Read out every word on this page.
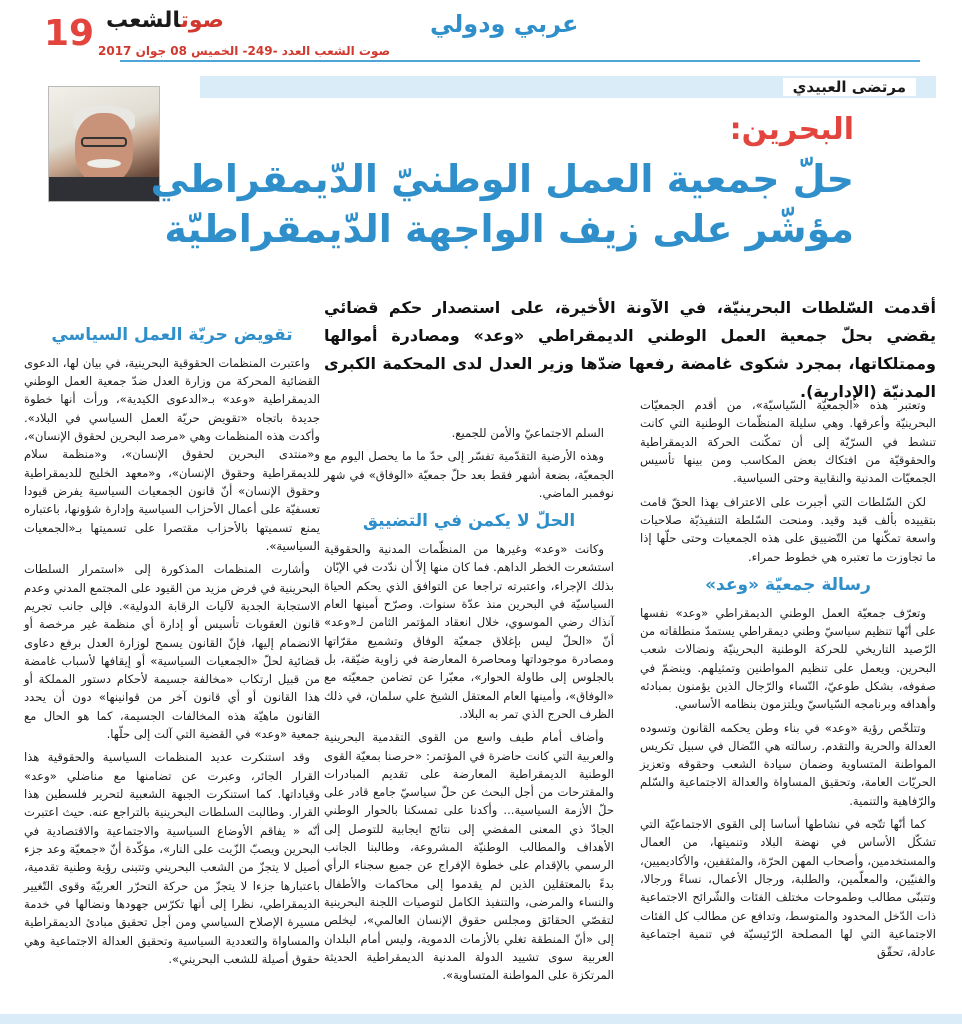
19	صوتالشعب
صوت الشعب العدد -249- الخميس 08 جوان 2017
عربي ودولي
مرتضى العبيدي
البحرين:
حلّ جمعية العمل الوطنيّ الدّيمقراطي
مؤشّر على زيف الواجهة الدّيمقراطيّة
أقدمت السّلطات البحرينيّة، في الآونة الأخيرة، على استصدار حكم قضائي يقضي بحلّ جمعية العمل الوطني الديمقراطي «وعد» ومصادرة أموالها وممتلكاتها، بمجرد شكوى غامضة رفعها ضدّها وزير العدل لدى المحكمة الكبرى المدنيّة (الإدارية).

وتعتبر هذه «الجمعيّة السّياسيّة»، من أقدم الجمعيّات البحرينيّة وأعرقها. وهي سليلة المنظّمات الوطنية التي كانت تنشط في السرّيّة إلى أن تمكّنت الحركة الديمقراطية والحقوقيّة من افتكاك بعض المكاسب ومن بينها تأسيس الجمعيّات المدنية والنقابية وحتى السياسية.

لكن السّلطات التي أجبرت على الاعتراف بهذا الحقّ قامت بتقييده بألف قيد وقيد. ومنحت السّلطة التنفيذيّة صلاحيات واسعة تمكّنها من التّضييق على هذه الجمعيات وحتى حلّها إذا ما تجاوزت ما تعتبره هي خطوط حمراء.

رسالة جمعيّة «وعد»

وتعرّف جمعيّة العمل الوطني الديمقراطي «وعد» نفسها على أنّها تنظيم سياسيّ وطني ديمقراطي يستمدّ منطلقاته من الرّصيد التاريخي للحركة الوطنية البحرينيّة ونضالات شعب البحرين. ويعمل على تنظيم المواطنين وتمثيلهم. وينضمّ في صفوفه، بشكل طوعيّ، النّساء والرّجال الذين يؤمنون بمبادئه وأهدافه وبرنامجه السّياسيّ ويلتزمون بنظامه الأساسي.

وتتلخّص رؤية «وعد» في بناء وطن يحكمه القانون وتسوده العدالة والحرية والتقدم. رسالته هي النّضال في سبيل تكريس المواطنة المتساوية وضمان سيادة الشعب وحقوقه وتعزيز الحريّات العامة، وتحقيق المساواة والعدالة الاجتماعية والسّلم والرّفاهية والتنمية.

كما أنّها تتّجه في نشاطها أساسا إلى القوى الاجتماعيّة التي تشكّل الأساس في نهضة البلاد وتنميتها، من العمال والمستخدمين، وأصحاب المهن الحرّة، والمثقفين، والأكاديميين، والفنيّين، والمعلّمين، والطلبة، ورجال الأعمال، نساءً ورجالا، وتتبنّى مطالب وطموحات مختلف الفئات والشّرائح الاجتماعية ذات الدّخل المحدود والمتوسط، وتدافع عن مطالب كل الفئات الاجتماعية التي لها المصلحة الرّئيسيّة في تنمية اجتماعية عادلة، تحقّق

السلم الاجتماعيّ والأمن للجميع.

وهذه الأرضية التقدّمية تفسّر إلى حدّ ما ما يحصل اليوم مع الجمعيّة، بضعة أشهر فقط بعد حلّ جمعيّة «الوفاق» في شهر نوفمبر الماضي.

الحلّ لا يكمن في التضييق

وكانت «وعد» وغيرها من المنظّمات المدنية والحقوقية استشعرت الخطر الداهم. فما كان منها إلاّ أن ندّدت في الإبّان بذلك الإجراء، واعتبرته تراجعا عن التوافق الذي يحكم الحياة السياسيّة في البحرين منذ عدّة سنوات. وصرّح أمينها العام آنذاك رضي الموسوي، خلال انعقاد المؤتمر الثامن لـ«وعد» أنّ «الحلّ ليس بإغلاق جمعيّة الوفاق وتشميع مقرّاتها ومصادرة موجوداتها ومحاصرة المعارضة في زاوية ضيّقة، بل بالجلوس إلى طاولة الحوار»، معبّرا عن تضامن جمعيّته مع «الوفاق»، وأمينها العام المعتقل الشيخ علي سلمان، في ذلك الظرف الحرج الذي تمر به البلاد.

وأضاف أمام طيف واسع من القوى التقدمية البحرينية والعربية التي كانت حاضرة في المؤتمر: «حرصنا بمعيّة القوى الوطنية الديمقراطية المعارضة على تقديم المبادرات والمقترحات من أجل البحث عن حلّ سياسيّ جامع قادر على حلّ الأزمة السياسية... وأكدنا على تمسكنا بالحوار الوطني الجادّ ذي المعنى المفضي إلى نتائج ايجابية للتوصل إلى الأهداف والمطالب الوطنيّة المشروعة، وطالبنا الجانب الرسمي بالإقدام على خطوة الإفراج عن جميع سجناء الرأي بدءً بالمعتقلين الذين لم يقدموا إلى محاكمات والأطفال والنساء والمرضى، والتنفيذ الكامل لتوصيات اللجنة البحرينية لتقصّي الحقائق ومجلس حقوق الإنسان العالمي»، ليخلص إلى «أنّ المنطقة تغلي بالأزمات الدموية، وليس أمام البلدان العربية سوى تشييد الدولة المدنية الديمقراطية الحديثة المرتكزة على المواطنة المتساوية».

تقويض حريّة العمل السياسي

واعتبرت المنظمات الحقوقية البحرينية، في بيان لها، الدعوى القضائية المحركة من وزارة العدل ضدّ جمعية العمل الوطني الديمقراطية «وعد» بـ«الدعوى الكيدية»، ورأت أنها خطوة جديدة باتجاه «تقويض حريّة العمل السياسي في البلاد». وأكدت هذه المنظمات وهي «مرصد البحرين لحقوق الإنسان»، و«منتدى البحرين لحقوق الإنسان»، و«منظمة سلام للديمقراطية وحقوق الإنسان»، و«معهد الخليج للديمقراطية وحقوق الإنسان» أنّ قانون الجمعيات السياسية يفرض قيودا تعسفيّة على أعمال الأحزاب السياسية وإدارة شؤونها، باعتباره يمنع تسميتها بالأحزاب مقتصرا على تسميتها بـ«الجمعيات السياسية».

وأشارت المنظمات المذكورة إلى «استمرار السلطات البحرينية في فرض مزيد من القيود على المجتمع المدني وعدم الاستجابة الجدية لآليات الرقابة الدولية». فإلى جانب تجريم قانون العقوبات تأسيس أو إدارة أي منظمة غير مرخصة أو الانضمام إليها، فإنّ القانون يسمح لوزارة العدل برفع دعاوى قضائية لحلّ «الجمعيات السياسية» أو إيقافها لأسباب غامضة من قبيل ارتكاب «مخالفة جسيمة لأحكام دستور المملكة أو هذا القانون أو أي قانون آخر من قوانينها» دون أن يحدد القانون ماهيّة هذه المخالفات الجسيمة، كما هو الحال مع جمعية «وعد» في القضية التي آلت إلى حلّها.

وقد استنكرت عديد المنظمات السياسية والحقوقية هذا القرار الجائر، وعبرت عن تضامنها مع مناضلي «وعد» وقياداتها. كما استنكرت الجبهة الشعبية لتحرير فلسطين هذا القرار. وطالبت السلطات البحرينية بالتراجع عنه. حيث اعتبرت أنّه « يفاقم الأوضاع السياسية والاجتماعية والاقتصادية في البحرين ويصبّ الزّيت على النار»، مؤكّدة أنّ «جمعيّة وعد جزء أصيل لا يتجزّ من الشعب البحريني وتتبنى رؤية وطنية تقدمية، باعتبارها جزءا لا يتجزّ من حركة التحرّر العربيّة وقوى التّغيير الديمقراطي، نظرا إلى أنها تكرّس جهودها ونضالها في خدمة مسيرة الإصلاح السياسي ومن أجل تحقيق مبادئ الديمقراطية والمساواة والتعددية السياسية وتحقيق العدالة الاجتماعية وهي حقوق أصيلة للشعب البحريني».
